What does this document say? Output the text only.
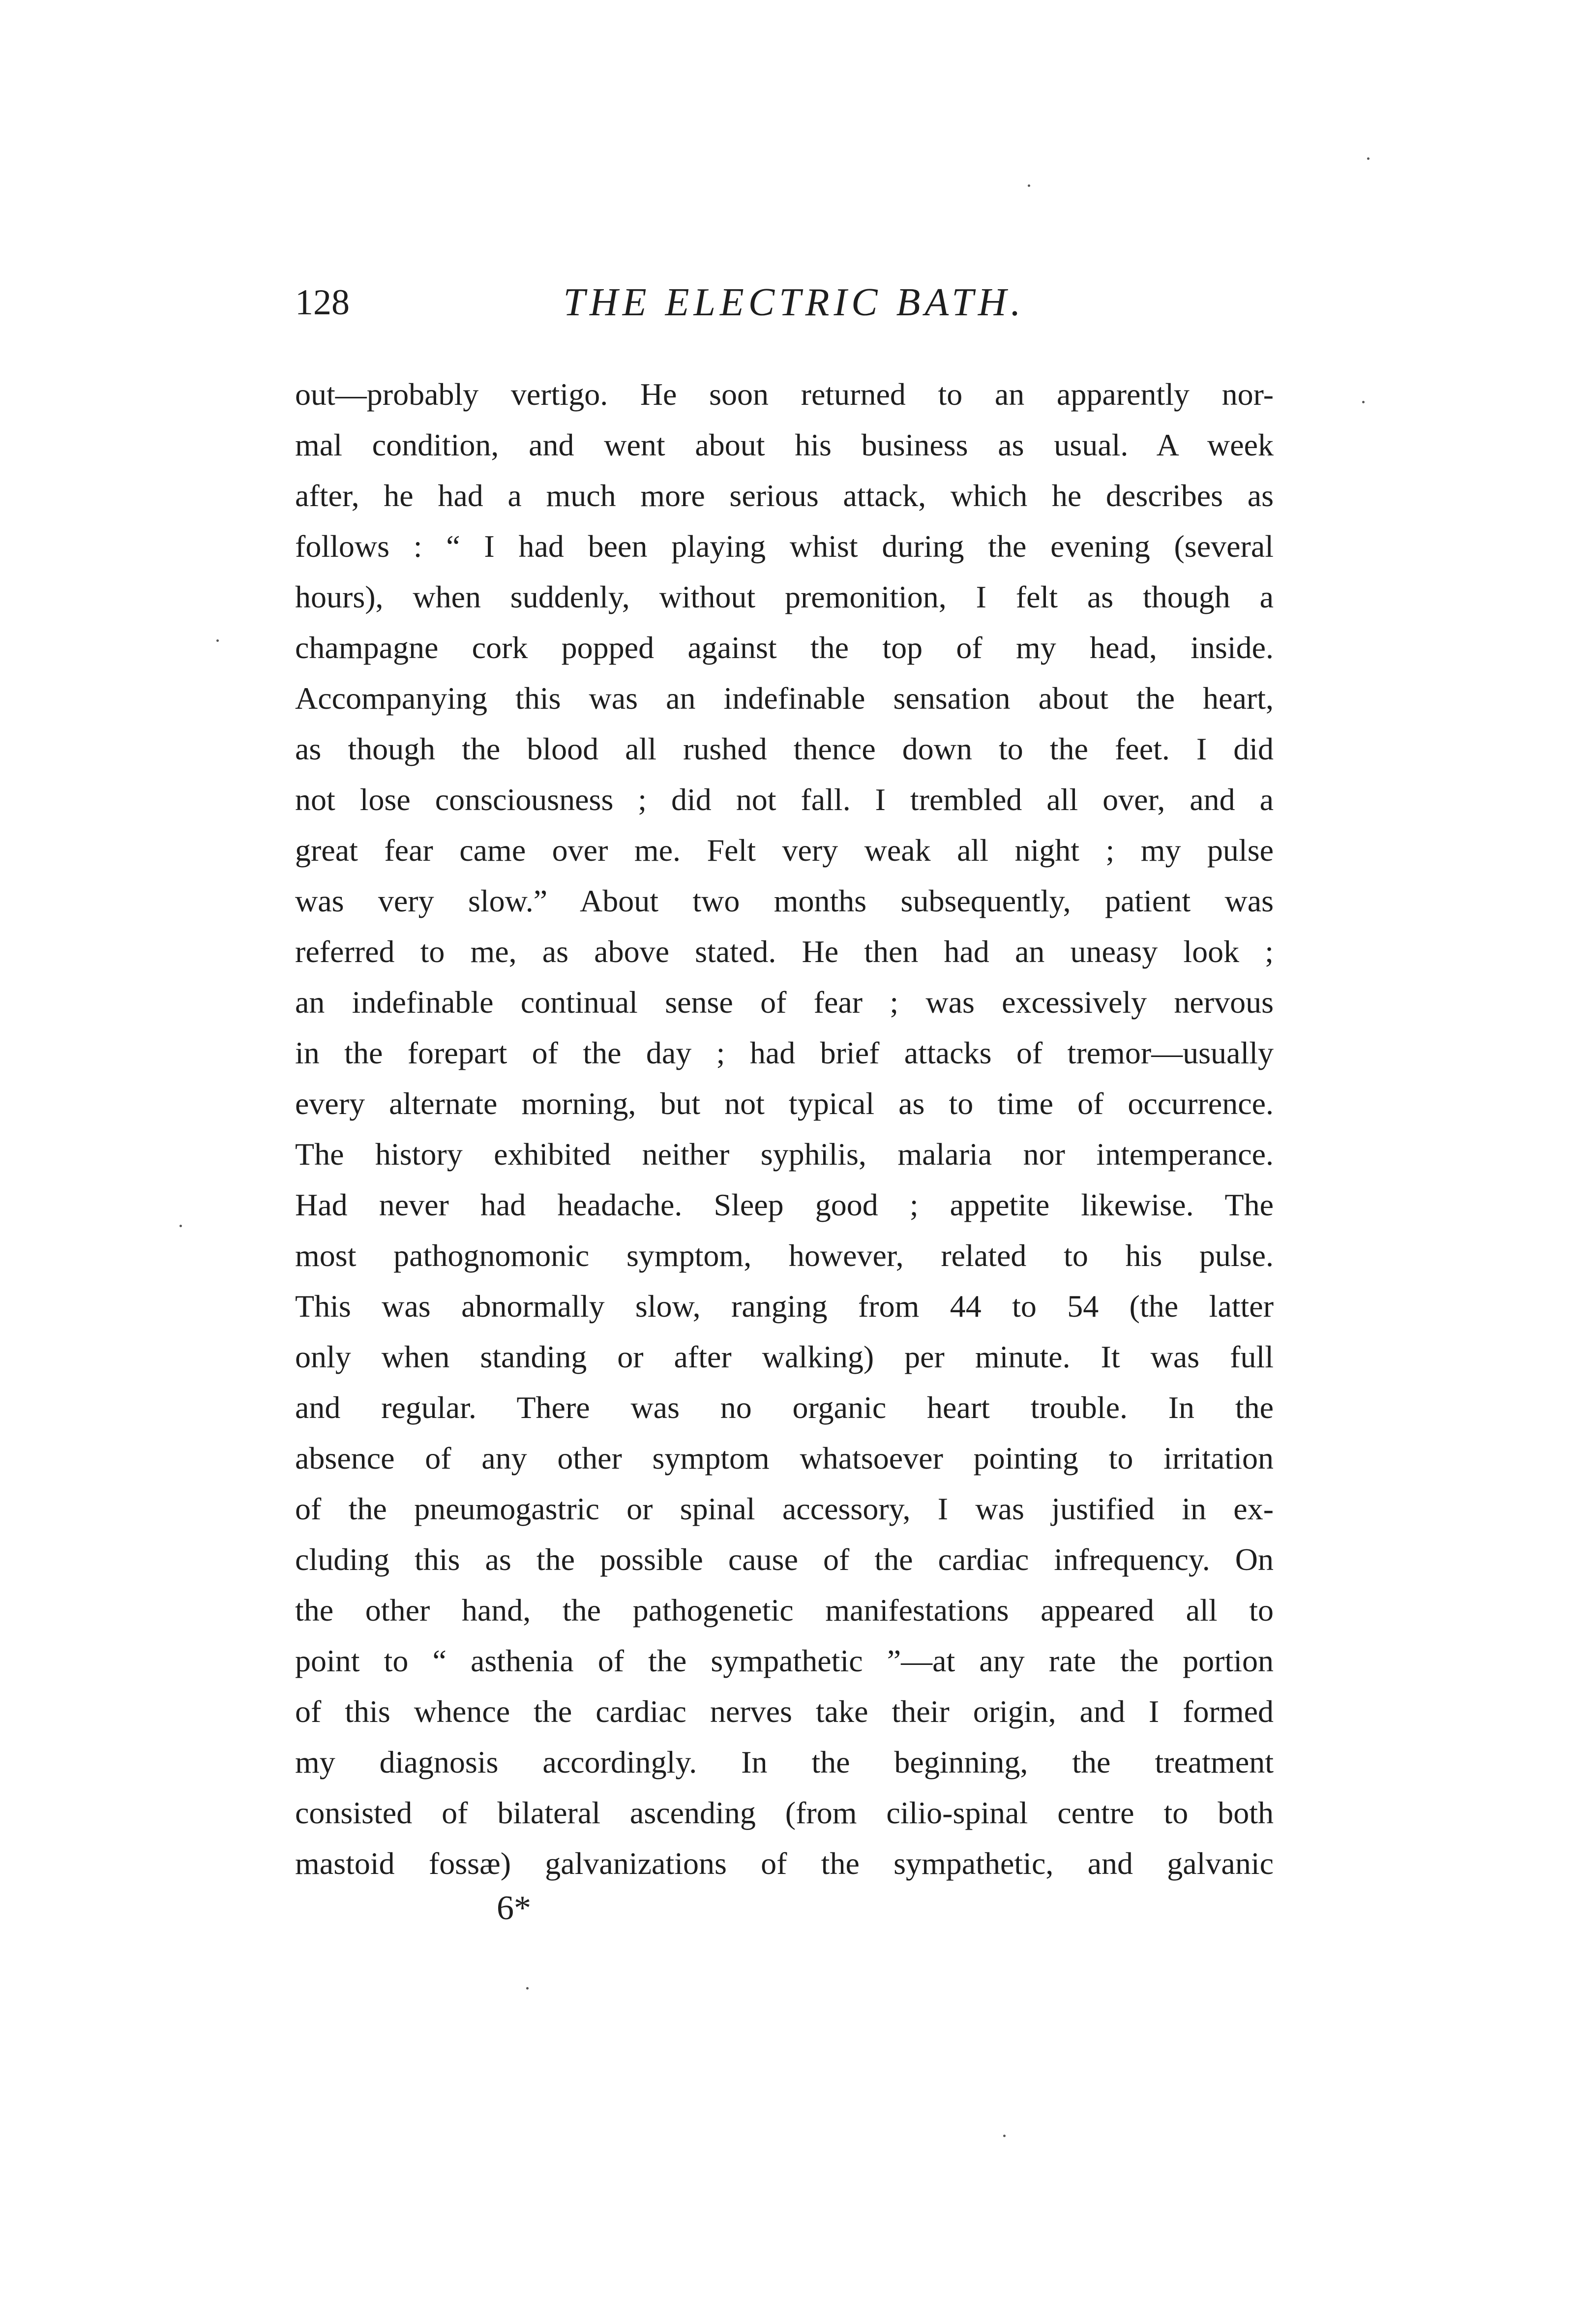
128	THE ELECTRIC BATH.
out—probably vertigo. He soon returned to an apparently nor-
mal condition, and went about his business as usual. A week
after, he had a much more serious attack, which he describes as
follows : “ I had been playing whist during the evening (several
hours), when suddenly, without premonition, I felt as though a
champagne cork popped against the top of my head, inside.
Accompanying this was an indefinable sensation about the heart,
as though the blood all rushed thence down to the feet. I did
not lose consciousness ; did not fall. I trembled all over, and a
great fear came over me. Felt very weak all night ; my pulse
was very slow.” About two months subsequently, patient was
referred to me, as above stated. He then had an uneasy look ;
an indefinable continual sense of fear ; was excessively nervous
in the forepart of the day ; had brief attacks of tremor—usually
every alternate morning, but not typical as to time of occurrence.
The history exhibited neither syphilis, malaria nor intemperance.
Had never had headache. Sleep good ; appetite likewise. The
most pathognomonic symptom, however, related to his pulse.
This was abnormally slow, ranging from 44 to 54 (the latter
only when standing or after walking) per minute. It was full
and regular. There was no organic heart trouble. In the
absence of any other symptom whatsoever pointing to irritation
of the pneumogastric or spinal accessory, I was justified in ex-
cluding this as the possible cause of the cardiac infrequency. On
the other hand, the pathogenetic manifestations appeared all to
point to “ asthenia of the sympathetic ”—at any rate the portion
of this whence the cardiac nerves take their origin, and I formed
my diagnosis accordingly. In the beginning, the treatment
consisted of bilateral ascending (from cilio-spinal centre to both
mastoid fossæ) galvanizations of the sympathetic, and galvanic
6*
